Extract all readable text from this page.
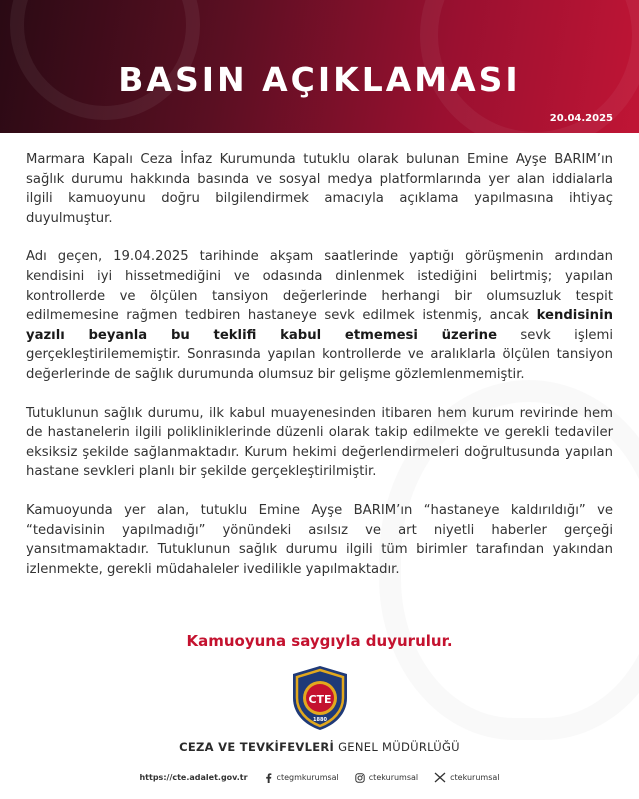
BASIN AÇIKLAMASI
20.04.2025

Marmara Kapalı Ceza İnfaz Kurumunda tutuklu olarak bulunan Emine Ayşe BARIM’ın sağlık durumu hakkında basında ve sosyal medya platformlarında yer alan iddialarla ilgili kamuoyunu doğru bilgilendirmek amacıyla açıklama yapılmasına ihtiyaç duyulmuştur.

Adı geçen, 19.04.2025 tarihinde akşam saatlerinde yaptığı görüşmenin ardından kendisini iyi hissetmediğini ve odasında dinlenmek istediğini belirtmiş; yapılan kontrollerde ve ölçülen tansiyon değerlerinde herhangi bir olumsuzluk tespit edilmemesine rağmen tedbiren hastaneye sevk edilmek istenmiş, ancak kendisinin yazılı beyanla bu teklifi kabul etmemesi üzerine sevk işlemi gerçekleştirilememiştir. Sonrasında yapılan kontrollerde ve aralıklarla ölçülen tansiyon değerlerinde de sağlık durumunda olumsuz bir gelişme gözlemlenmemiştir.

Tutuklunun sağlık durumu, ilk kabul muayenesinden itibaren hem kurum revirinde hem de hastanelerin ilgili polikliniklerinde düzenli olarak takip edilmekte ve gerekli tedaviler eksiksiz şekilde sağlanmaktadır. Kurum hekimi değerlendirmeleri doğrultusunda yapılan hastane sevkleri planlı bir şekilde gerçekleştirilmiştir.

Kamuoyunda yer alan, tutuklu Emine Ayşe BARIM’ın “hastaneye kaldırıldığı” ve “tedavisinin yapılmadığı” yönündeki asılsız ve art niyetli haberler gerçeği yansıtmamaktadır. Tutuklunun sağlık durumu ilgili tüm birimler tarafından yakından izlenmekte, gerekli müdahaleler ivedilikle yapılmaktadır.

Kamuoyuna saygıyla duyurulur.
CTE
1880
CEZA VE TEVKİFEVLERİ GENEL MÜDÜRLÜĞÜ
https://cte.adalet.gov.tr	ctegmkurumsal	ctekurumsal	ctekurumsal
